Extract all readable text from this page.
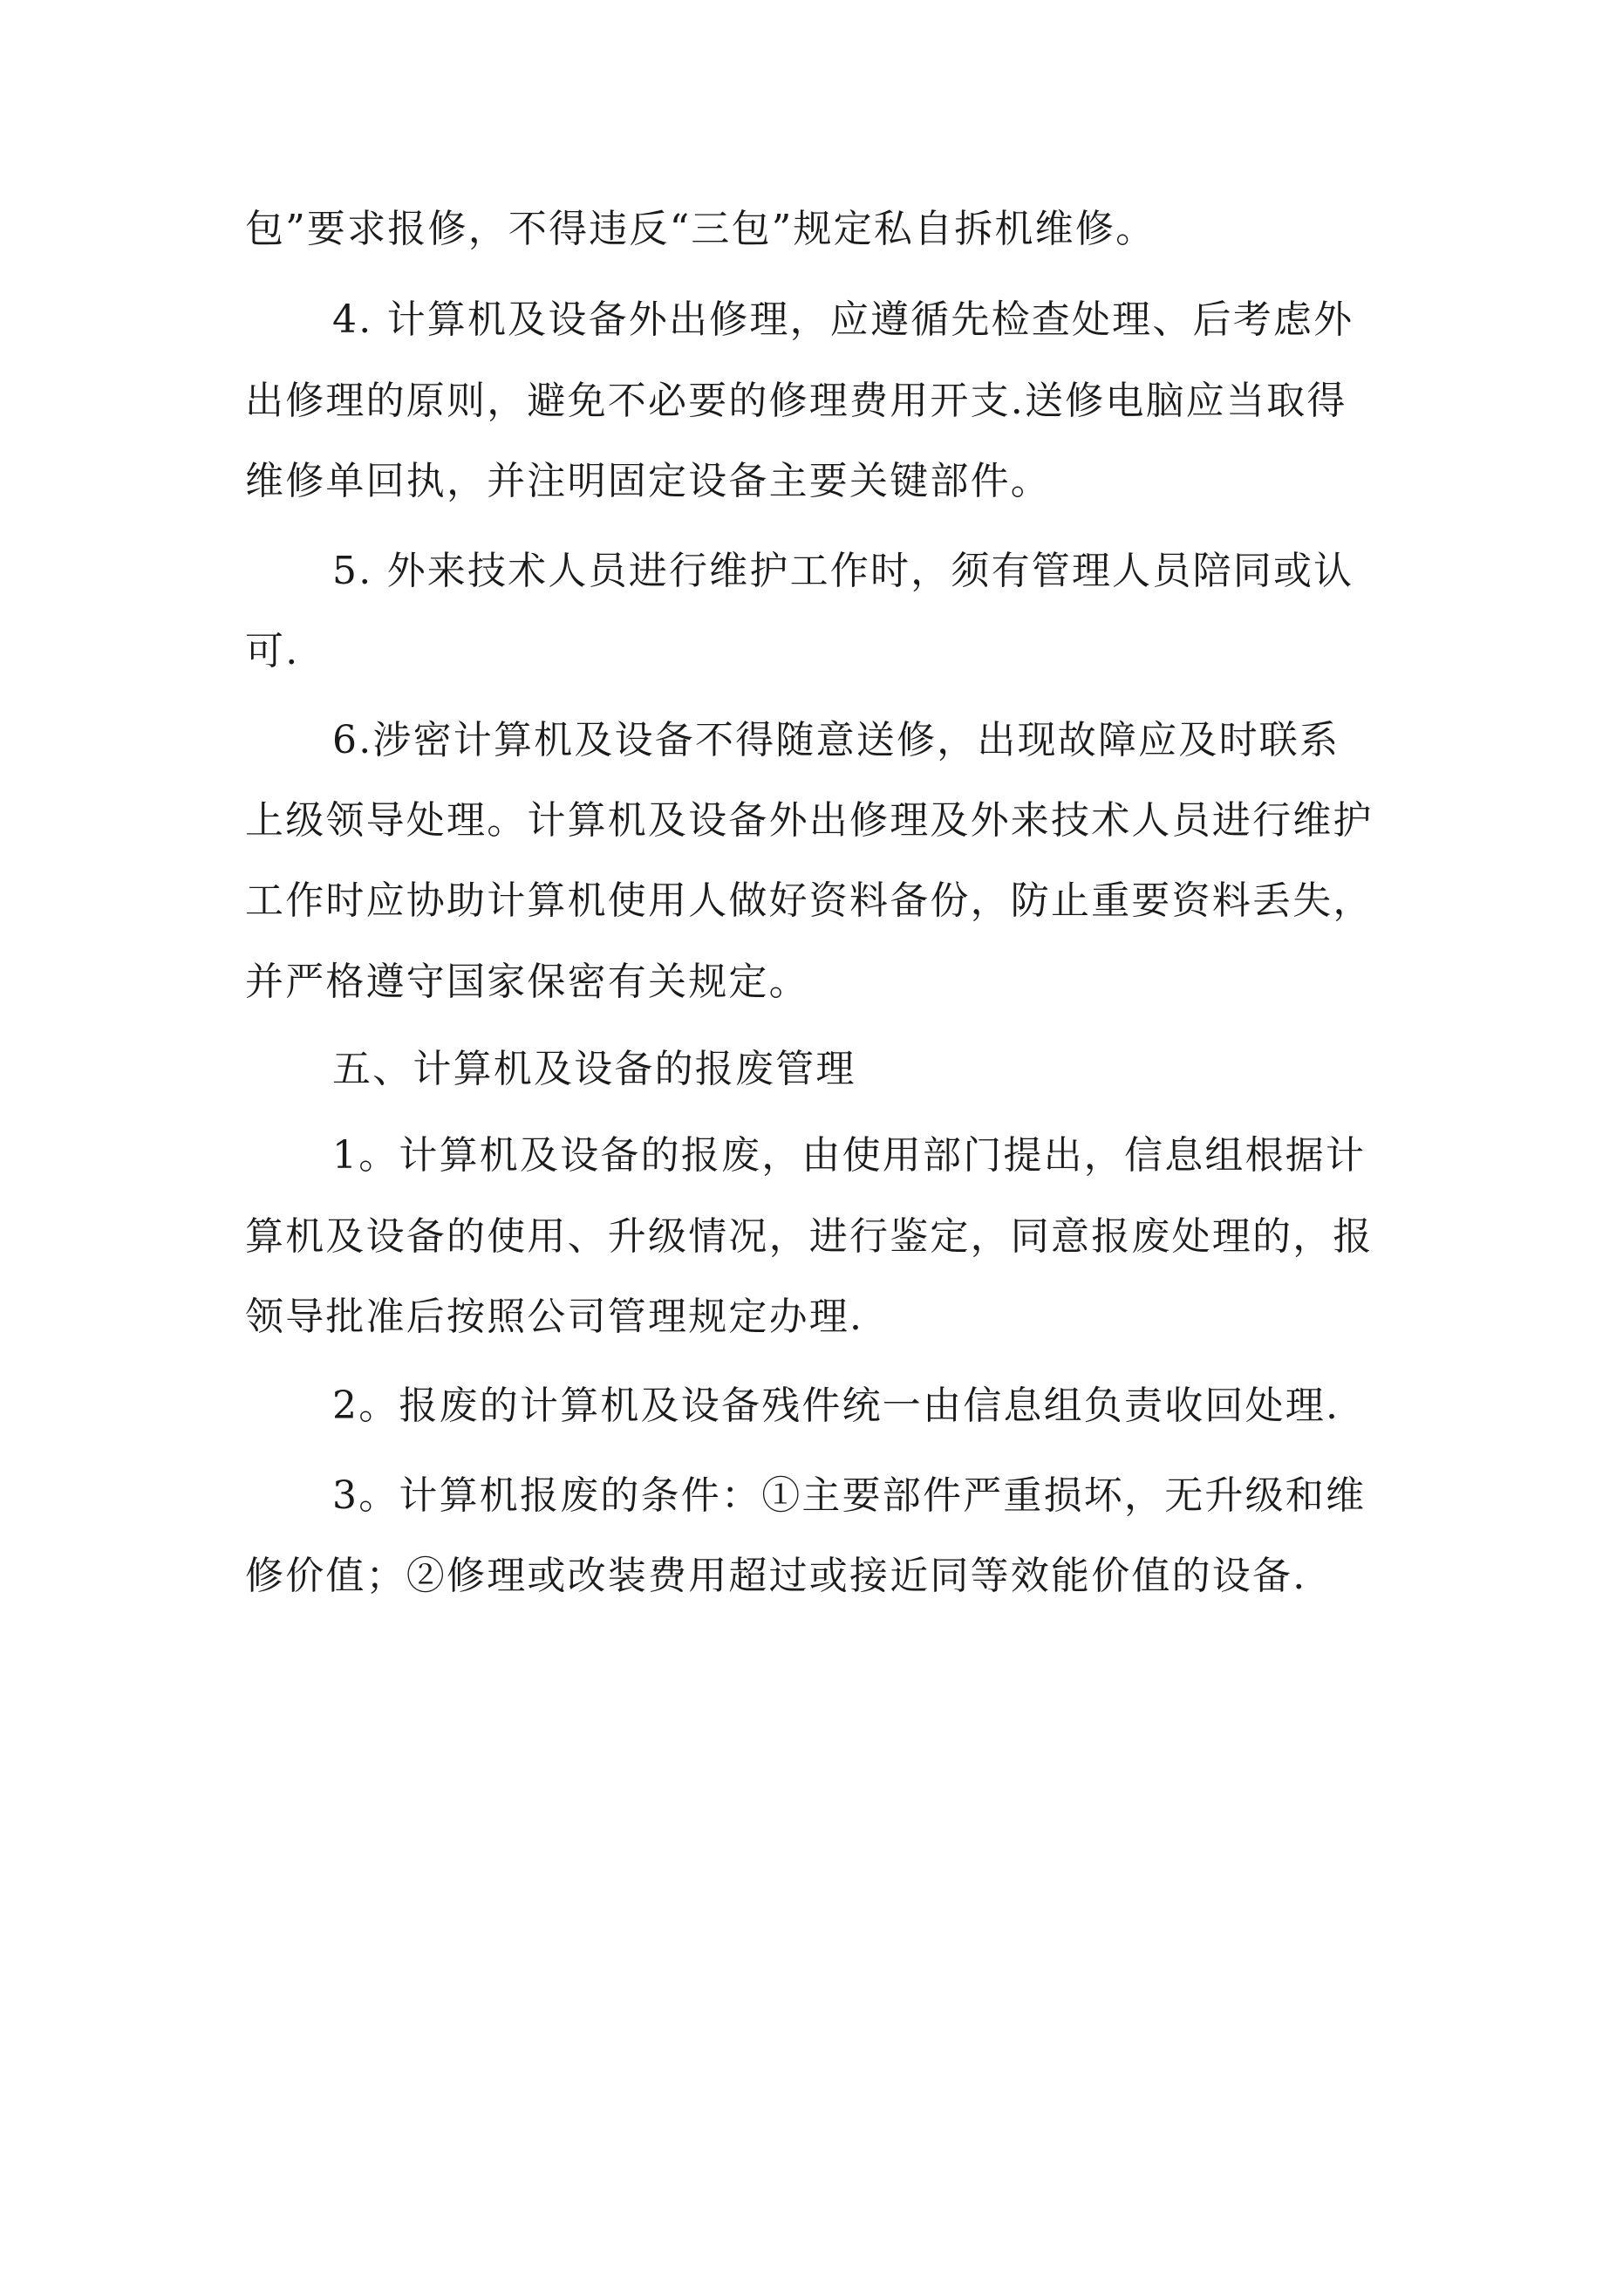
包”要求报修，不得违反“三包”规定私自拆机维修。
4. 计算机及设备外出修理，应遵循先检查处理、后考虑外
出修理的原则，避免不必要的修理费用开支.送修电脑应当取得
维修单回执，并注明固定设备主要关键部件。
5. 外来技术人员进行维护工作时，须有管理人员陪同或认
可.
6.涉密计算机及设备不得随意送修，出现故障应及时联系
上级领导处理。计算机及设备外出修理及外来技术人员进行维护
工作时应协助计算机使用人做好资料备份，防止重要资料丢失，
并严格遵守国家保密有关规定。
五、计算机及设备的报废管理
1。计算机及设备的报废，由使用部门提出，信息组根据计
算机及设备的使用、升级情况，进行鉴定，同意报废处理的，报
领导批准后按照公司管理规定办理.
2。报废的计算机及设备残件统一由信息组负责收回处理.
3。计算机报废的条件：①主要部件严重损坏，无升级和维
修价值；②修理或改装费用超过或接近同等效能价值的设备.
